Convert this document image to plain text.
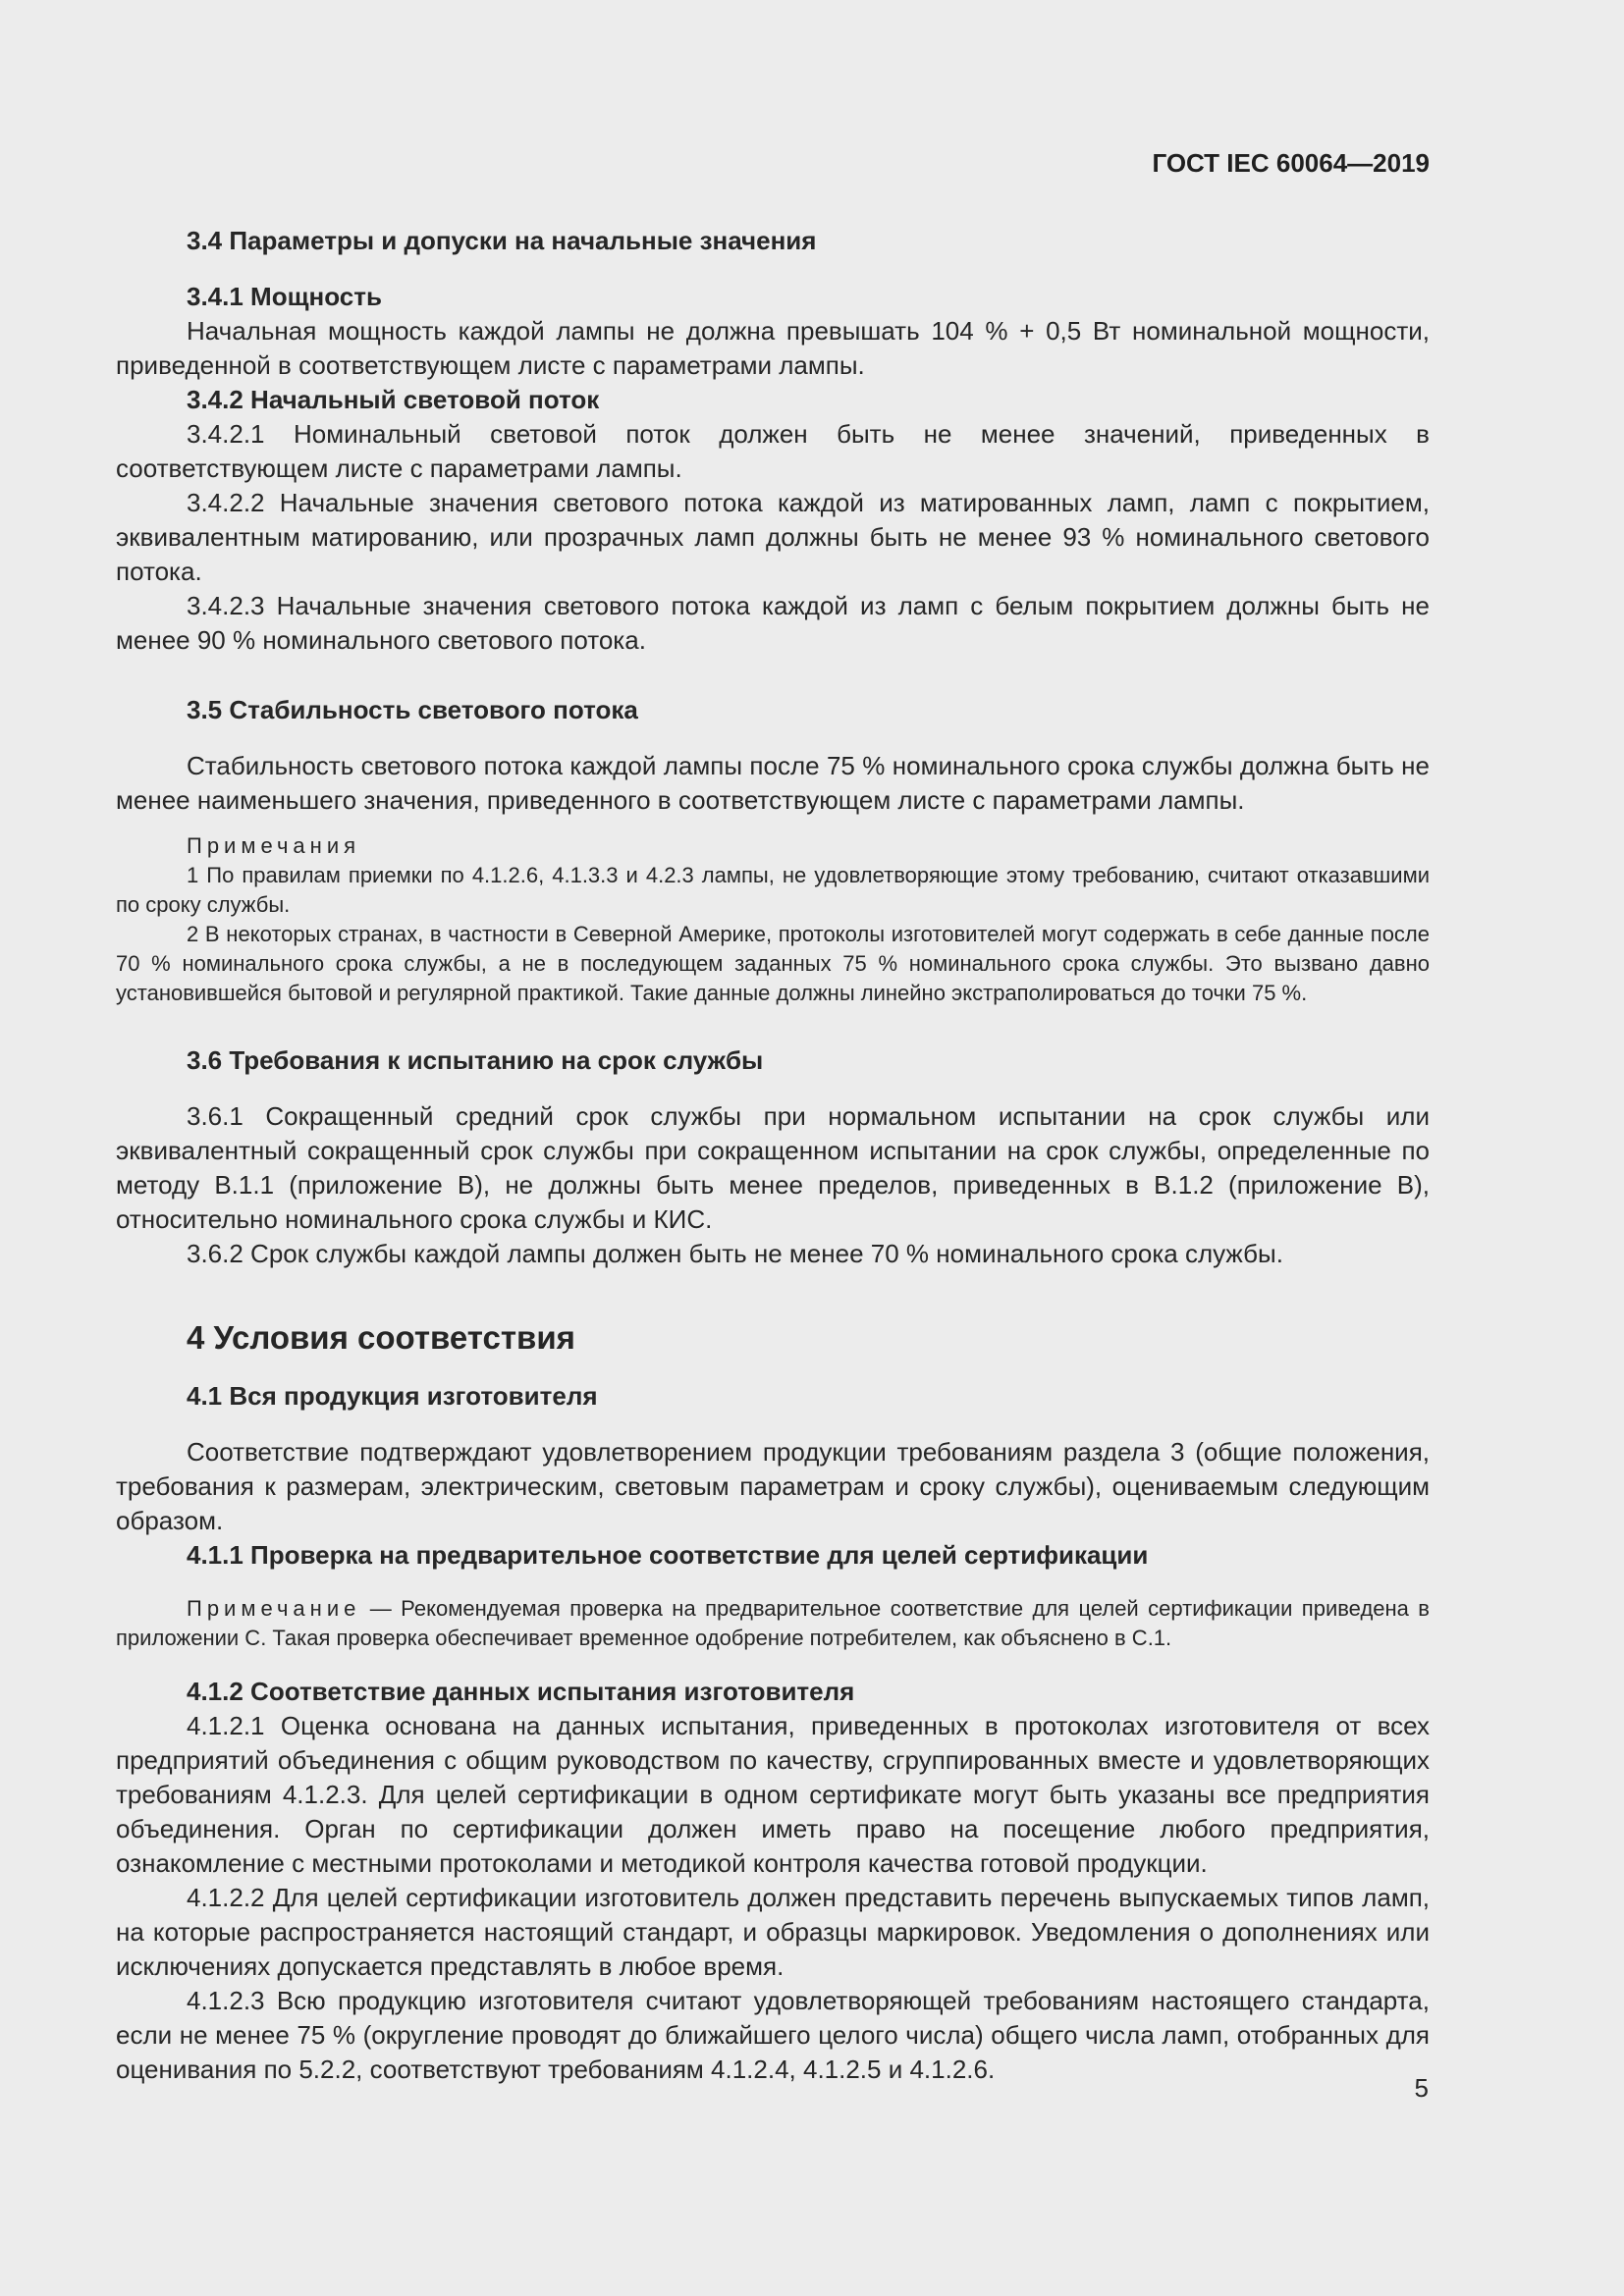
ГОСТ IEC 60064—2019

3.4 Параметры и допуски на начальные значения

3.4.1 Мощность

Начальная мощность каждой лампы не должна превышать 104 % + 0,5 Вт номинальной мощности, приведенной в соответствующем листе с параметрами лампы.

3.4.2 Начальный световой поток

3.4.2.1 Номинальный световой поток должен быть не менее значений, приведенных в соответствующем листе с параметрами лампы.

3.4.2.2 Начальные значения светового потока каждой из матированных ламп, ламп с покрытием, эквивалентным матированию, или прозрачных ламп должны быть не менее 93 % номинального светового потока.

3.4.2.3 Начальные значения светового потока каждой из ламп с белым покрытием должны быть не менее 90 % номинального светового потока.

3.5 Стабильность светового потока

Стабильность светового потока каждой лампы после 75 % номинального срока службы должна быть не менее наименьшего значения, приведенного в соответствующем листе с параметрами лампы.

Примечания

1 По правилам приемки по 4.1.2.6, 4.1.3.3 и 4.2.3 лампы, не удовлетворяющие этому требованию, считают отказавшими по сроку службы.

2 В некоторых странах, в частности в Северной Америке, протоколы изготовителей могут содержать в себе данные после 70 % номинального срока службы, а не в последующем заданных 75 % номинального срока службы. Это вызвано давно установившейся бытовой и регулярной практикой. Такие данные должны линейно экстраполироваться до точки 75 %.

3.6 Требования к испытанию на срок службы

3.6.1 Сокращенный средний срок службы при нормальном испытании на срок службы или эквивалентный сокращенный срок службы при сокращенном испытании на срок службы, определенные по методу В.1.1 (приложение В), не должны быть менее пределов, приведенных в В.1.2 (приложение В), относительно номинального срока службы и КИС.

3.6.2 Срок службы каждой лампы должен быть не менее 70 % номинального срока службы.

4 Условия соответствия

4.1 Вся продукция изготовителя

Соответствие подтверждают удовлетворением продукции требованиям раздела 3 (общие положения, требования к размерам, электрическим, световым параметрам и сроку службы), оцениваемым следующим образом.

4.1.1 Проверка на предварительное соответствие для целей сертификации

Примечание — Рекомендуемая проверка на предварительное соответствие для целей сертификации приведена в приложении С. Такая проверка обеспечивает временное одобрение потребителем, как объяснено в С.1.

4.1.2 Соответствие данных испытания изготовителя

4.1.2.1 Оценка основана на данных испытания, приведенных в протоколах изготовителя от всех предприятий объединения с общим руководством по качеству, сгруппированных вместе и удовлетворяющих требованиям 4.1.2.3. Для целей сертификации в одном сертификате могут быть указаны все предприятия объединения. Орган по сертификации должен иметь право на посещение любого предприятия, ознакомление с местными протоколами и методикой контроля качества готовой продукции.

4.1.2.2 Для целей сертификации изготовитель должен представить перечень выпускаемых типов ламп, на которые распространяется настоящий стандарт, и образцы маркировок. Уведомления о дополнениях или исключениях допускается представлять в любое время.

4.1.2.3 Всю продукцию изготовителя считают удовлетворяющей требованиям настоящего стандарта, если не менее 75 % (округление проводят до ближайшего целого числа) общего числа ламп, отобранных для оценивания по 5.2.2, соответствуют требованиям 4.1.2.4, 4.1.2.5 и 4.1.2.6.

5
